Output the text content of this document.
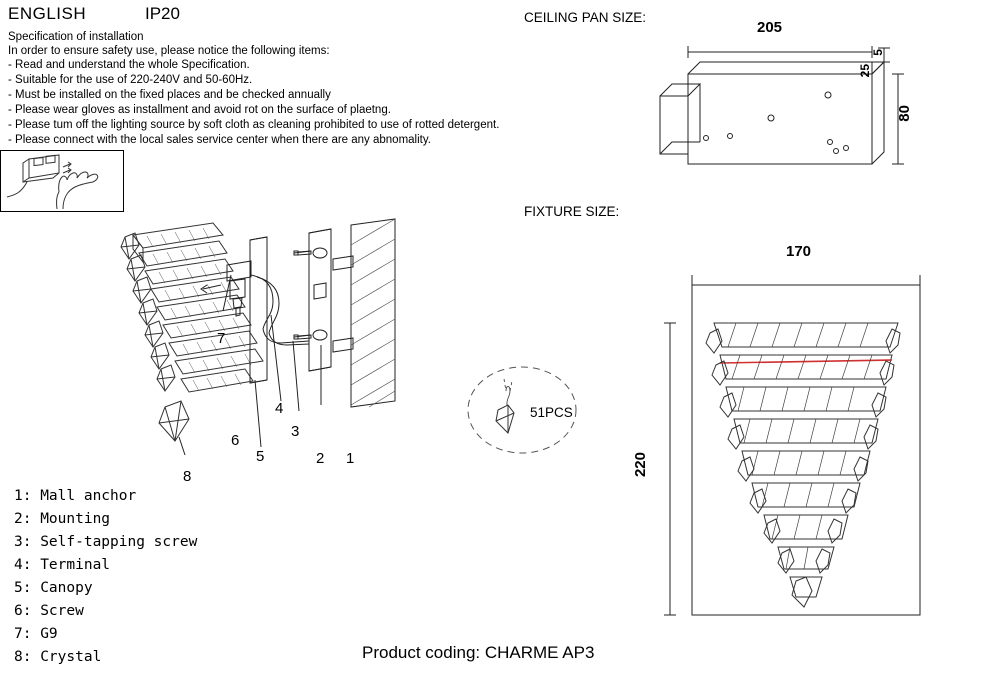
ENGLISH	IP20
Specification of installation
In order to ensure safety use, please notice the following items:
- Read and understand the whole Specification.
- Suitable for the use of 220-240V and 50-60Hz.
- Must be installed on the fixed places and be checked annually
- Please wear gloves as installment and avoid rot on the surface of plaetng.
- Please tum off the lighting source by soft cloth as cleaning prohibited to use of rotted detergent.
- Please connect with the local sales service center when there are any abnomality.
8
5
6
7
4
3
2 1
1: Mall anchor
2: Mounting
3: Self-tapping screw
4: Terminal
5: Canopy
6: Screw
7: G9
8: Crystal
CEILING PAN SIZE:
205
80
25
5
FIXTURE SIZE:
170
220
51PCS
Product coding: CHARME AP3
